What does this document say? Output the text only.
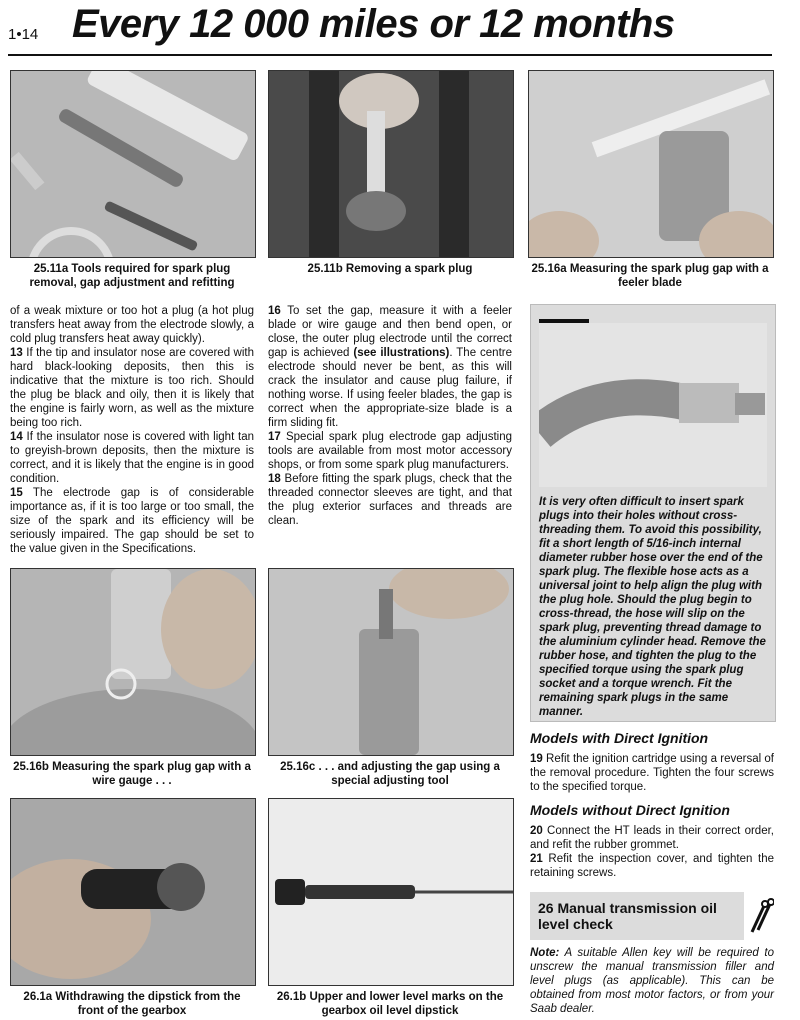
1•14 Every 12 000 miles or 12 months
25.11a Tools required for spark plug removal, gap adjustment and refitting
25.11b Removing a spark plug	25.16a Measuring the spark plug gap with a feeler blade

of a weak mixture or too hot a plug (a hot plug transfers heat away from the electrode slowly, a cold plug transfers heat away quickly).

13 If the tip and insulator nose are covered with hard black-looking deposits, then this is indicative that the mixture is too rich. Should the plug be black and oily, then it is likely that the engine is fairly worn, as well as the mixture being too rich.

14 If the insulator nose is covered with light tan to greyish-brown deposits, then the mixture is correct, and it is likely that the engine is in good condition.

15 The electrode gap is of considerable importance as, if it is too large or too small, the size of the spark and its efficiency will be seriously impaired. The gap should be set to the value given in the Specifications.

16 To set the gap, measure it with a feeler blade or wire gauge and then bend open, or close, the outer plug electrode until the correct gap is achieved (see illustrations). The centre electrode should never be bent, as this will crack the insulator and cause plug failure, if nothing worse. If using feeler blades, the gap is correct when the appropriate-size blade is a firm sliding fit.

17 Special spark plug electrode gap adjusting tools are available from most motor accessory shops, or from some spark plug manufacturers.

18 Before fitting the spark plugs, check that the threaded connector sleeves are tight, and that the plug exterior surfaces and threads are clean.

It is very often difficult to insert spark plugs into their holes without cross-threading them. To avoid this possibility, fit a short length of 5/16-inch internal diameter rubber hose over the end of the spark plug. The flexible hose acts as a universal joint to help align the plug with the plug hole. Should the plug begin to cross-thread, the hose will slip on the spark plug, preventing thread damage to the aluminium cylinder head. Remove the rubber hose, and tighten the plug to the specified torque using the spark plug socket and a torque wrench. Fit the remaining spark plugs in the same manner.
25.16b Measuring the spark plug gap with a wire gauge . . .
25.16c . . . and adjusting the gap using a special adjusting tool
Models with Direct Ignition

19 Refit the ignition cartridge using a reversal of the removal procedure. Tighten the four screws to the specified torque.

Models without Direct Ignition

20 Connect the HT leads in their correct order, and refit the rubber grommet.

21 Refit the inspection cover, and tighten the retaining screws.

26 Manual transmission oil level check

Note: A suitable Allen key will be required to unscrew the manual transmission filler and level plugs (as applicable). This can be obtained from most motor factors, or from your Saab dealer.

26.1a Withdrawing the dipstick from the front of the gearbox
26.1b Upper and lower level marks on the gearbox oil level dipstick
